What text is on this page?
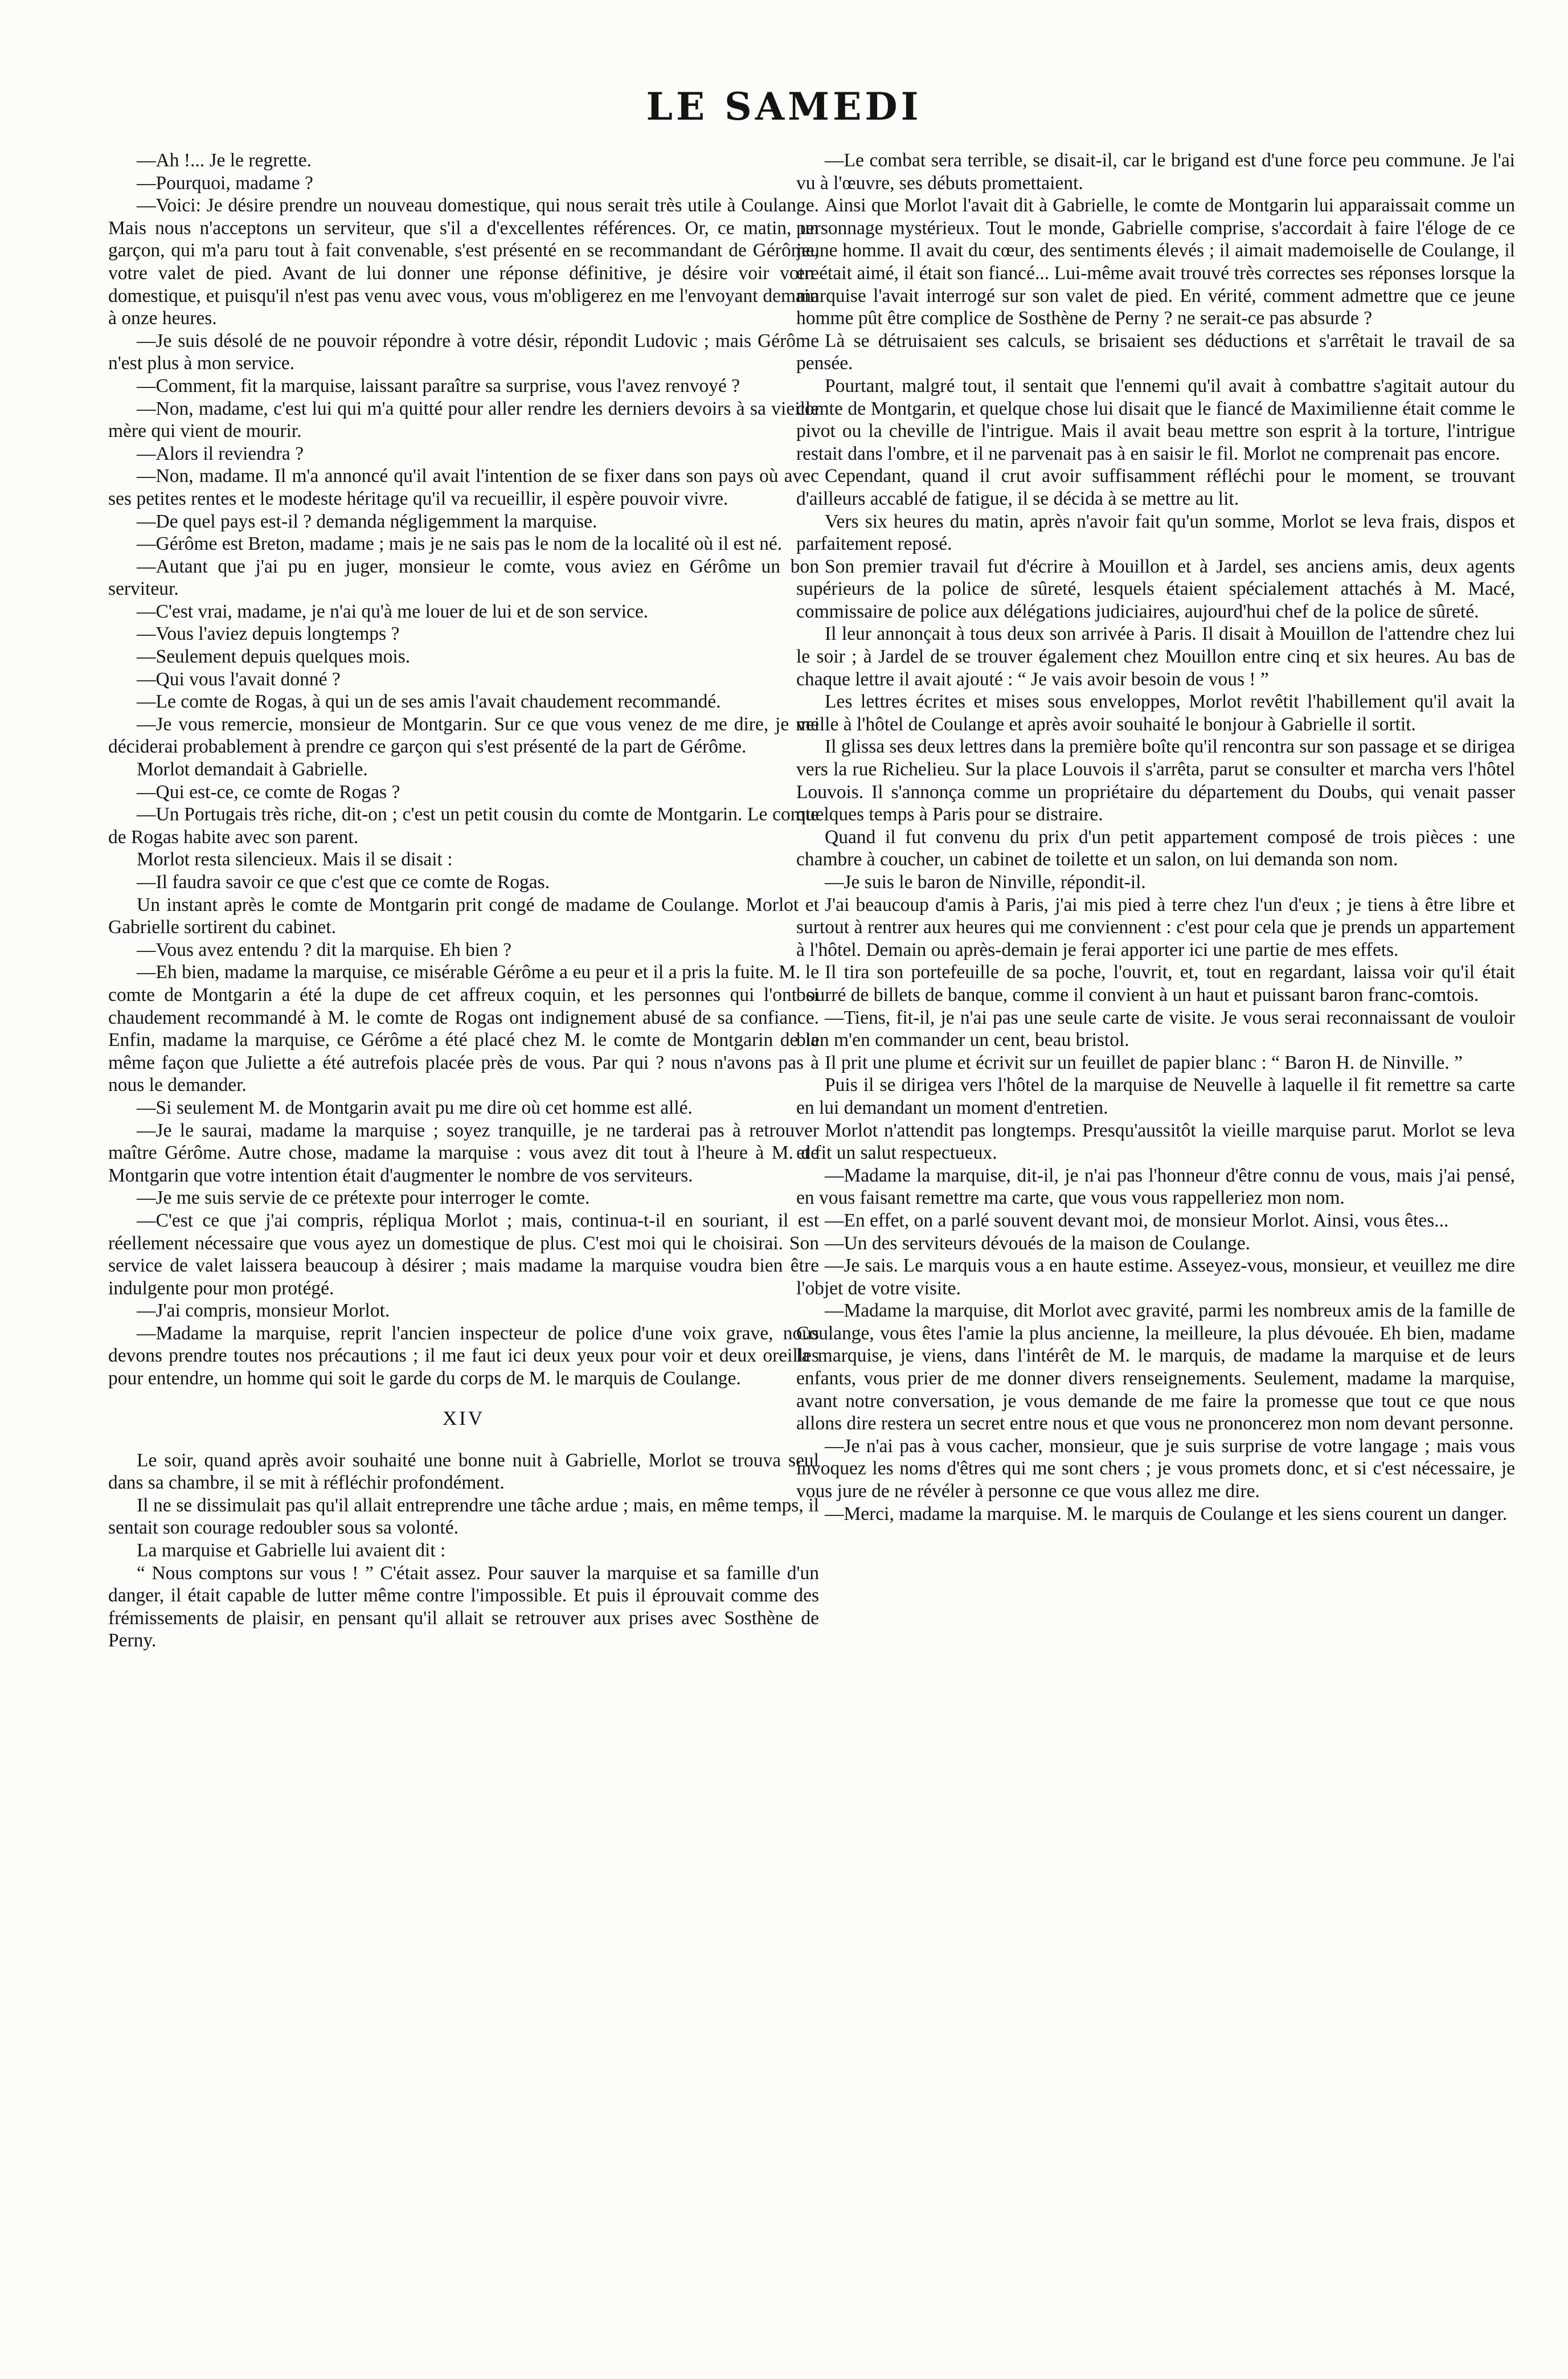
LE SAMEDI

—Ah !... Je le regrette.

—Pourquoi, madame ?

—Voici: Je désire prendre un nouveau domestique, qui nous serait très utile à Coulange. Mais nous n'acceptons un serviteur, que s'il a d'excellentes références. Or, ce matin, un garçon, qui m'a paru tout à fait convenable, s'est présenté en se recommandant de Gérôme, votre valet de pied. Avant de lui donner une réponse définitive, je désire voir votre domestique, et puisqu'il n'est pas venu avec vous, vous m'obligerez en me l'envoyant demain à onze heures.

—Je suis désolé de ne pouvoir répondre à votre désir, répondit Ludovic ; mais Gérôme n'est plus à mon service.

—Comment, fit la marquise, laissant paraître sa surprise, vous l'avez renvoyé ?

—Non, madame, c'est lui qui m'a quitté pour aller rendre les derniers devoirs à sa vieille mère qui vient de mourir.

—Alors il reviendra ?

—Non, madame. Il m'a annoncé qu'il avait l'intention de se fixer dans son pays où avec ses petites rentes et le modeste héritage qu'il va recueillir, il espère pouvoir vivre.

—De quel pays est-il ? demanda négligemment la marquise.

—Gérôme est Breton, madame ; mais je ne sais pas le nom de la localité où il est né.

—Autant que j'ai pu en juger, monsieur le comte, vous aviez en Gérôme un bon serviteur.

—C'est vrai, madame, je n'ai qu'à me louer de lui et de son service.

—Vous l'aviez depuis longtemps ?

—Seulement depuis quelques mois.

—Qui vous l'avait donné ?

—Le comte de Rogas, à qui un de ses amis l'avait chaudement recommandé.

—Je vous remercie, monsieur de Montgarin. Sur ce que vous venez de me dire, je me déciderai probablement à prendre ce garçon qui s'est présenté de la part de Gérôme.

Morlot demandait à Gabrielle.

—Qui est-ce, ce comte de Rogas ?

—Un Portugais très riche, dit-on ; c'est un petit cousin du comte de Montgarin. Le comte de Rogas habite avec son parent.

Morlot resta silencieux. Mais il se disait :

—Il faudra savoir ce que c'est que ce comte de Rogas.

Un instant après le comte de Montgarin prit congé de madame de Coulange. Morlot et Gabrielle sortirent du cabinet.

—Vous avez entendu ? dit la marquise. Eh bien ?

—Eh bien, madame la marquise, ce misérable Gérôme a eu peur et il a pris la fuite. M. le comte de Montgarin a été la dupe de cet affreux coquin, et les personnes qui l'ont si chaudement recommandé à M. le comte de Rogas ont indignement abusé de sa confiance. Enfin, madame la marquise, ce Gérôme a été placé chez M. le comte de Montgarin de la même façon que Juliette a été autrefois placée près de vous. Par qui ? nous n'avons pas à nous le demander.

—Si seulement M. de Montgarin avait pu me dire où cet homme est allé.

—Je le saurai, madame la marquise ; soyez tranquille, je ne tarderai pas à retrouver maître Gérôme. Autre chose, madame la marquise : vous avez dit tout à l'heure à M. de Montgarin que votre intention était d'augmenter le nombre de vos serviteurs.

—Je me suis servie de ce prétexte pour interroger le comte.

—C'est ce que j'ai compris, répliqua Morlot ; mais, continua-t-il en souriant, il est réellement nécessaire que vous ayez un domestique de plus. C'est moi qui le choisirai. Son service de valet laissera beaucoup à désirer ; mais madame la marquise voudra bien être indulgente pour mon protégé.

—J'ai compris, monsieur Morlot.

—Madame la marquise, reprit l'ancien inspecteur de police d'une voix grave, nous devons prendre toutes nos précautions ; il me faut ici deux yeux pour voir et deux oreilles pour entendre, un homme qui soit le garde du corps de M. le marquis de Coulange.

XIV

Le soir, quand après avoir souhaité une bonne nuit à Gabrielle, Morlot se trouva seul dans sa chambre, il se mit à réfléchir profondément.

Il ne se dissimulait pas qu'il allait entreprendre une tâche ardue ; mais, en même temps, il sentait son courage redoubler sous sa volonté.

La marquise et Gabrielle lui avaient dit :

“ Nous comptons sur vous ! ” C'était assez. Pour sauver la marquise et sa famille d'un danger, il était capable de lutter même contre l'impossible. Et puis il éprouvait comme des frémissements de plaisir, en pensant qu'il allait se retrouver aux prises avec Sosthène de Perny.

—Le combat sera terrible, se disait-il, car le brigand est d'une force peu commune. Je l'ai vu à l'œuvre, ses débuts promettaient.

Ainsi que Morlot l'avait dit à Gabrielle, le comte de Montgarin lui apparaissait comme un personnage mystérieux. Tout le monde, Gabrielle comprise, s'accordait à faire l'éloge de ce jeune homme. Il avait du cœur, des sentiments élevés ; il aimait mademoiselle de Coulange, il en était aimé, il était son fiancé... Lui-même avait trouvé très correctes ses réponses lorsque la marquise l'avait interrogé sur son valet de pied. En vérité, comment admettre que ce jeune homme pût être complice de Sosthène de Perny ? ne serait-ce pas absurde ?

Là se détruisaient ses calculs, se brisaient ses déductions et s'arrêtait le travail de sa pensée.

Pourtant, malgré tout, il sentait que l'ennemi qu'il avait à combattre s'agitait autour du comte de Montgarin, et quelque chose lui disait que le fiancé de Maximilienne était comme le pivot ou la cheville de l'intrigue. Mais il avait beau mettre son esprit à la torture, l'intrigue restait dans l'ombre, et il ne parvenait pas à en saisir le fil. Morlot ne comprenait pas encore.

Cependant, quand il crut avoir suffisamment réfléchi pour le moment, se trouvant d'ailleurs accablé de fatigue, il se décida à se mettre au lit.

Vers six heures du matin, après n'avoir fait qu'un somme, Morlot se leva frais, dispos et parfaitement reposé.

Son premier travail fut d'écrire à Mouillon et à Jardel, ses anciens amis, deux agents supérieurs de la police de sûreté, lesquels étaient spécialement attachés à M. Macé, commissaire de police aux délégations judiciaires, aujourd'hui chef de la police de sûreté.

Il leur annonçait à tous deux son arrivée à Paris. Il disait à Mouillon de l'attendre chez lui le soir ; à Jardel de se trouver également chez Mouillon entre cinq et six heures. Au bas de chaque lettre il avait ajouté : “ Je vais avoir besoin de vous ! ”

Les lettres écrites et mises sous enveloppes, Morlot revêtit l'habillement qu'il avait la veille à l'hôtel de Coulange et après avoir souhaité le bonjour à Gabrielle il sortit.

Il glissa ses deux lettres dans la première boîte qu'il rencontra sur son passage et se dirigea vers la rue Richelieu. Sur la place Louvois il s'arrêta, parut se consulter et marcha vers l'hôtel Louvois. Il s'annonça comme un propriétaire du département du Doubs, qui venait passer quelques temps à Paris pour se distraire.

Quand il fut convenu du prix d'un petit appartement composé de trois pièces : une chambre à coucher, un cabinet de toilette et un salon, on lui demanda son nom.

—Je suis le baron de Ninville, répondit-il.

J'ai beaucoup d'amis à Paris, j'ai mis pied à terre chez l'un d'eux ; je tiens à être libre et surtout à rentrer aux heures qui me conviennent : c'est pour cela que je prends un appartement à l'hôtel. Demain ou après-demain je ferai apporter ici une partie de mes effets.

Il tira son portefeuille de sa poche, l'ouvrit, et, tout en regardant, laissa voir qu'il était bourré de billets de banque, comme il convient à un haut et puissant baron franc-comtois.

—Tiens, fit-il, je n'ai pas une seule carte de visite. Je vous serai reconnaissant de vouloir bien m'en commander un cent, beau bristol.

Il prit une plume et écrivit sur un feuillet de papier blanc : “ Baron H. de Ninville. ”

Puis il se dirigea vers l'hôtel de la marquise de Neuvelle à laquelle il fit remettre sa carte en lui demandant un moment d'entretien.

Morlot n'attendit pas longtemps. Presqu'aussitôt la vieille marquise parut. Morlot se leva et fit un salut respectueux.

—Madame la marquise, dit-il, je n'ai pas l'honneur d'être connu de vous, mais j'ai pensé, en vous faisant remettre ma carte, que vous vous rappelleriez mon nom.

—En effet, on a parlé souvent devant moi, de monsieur Morlot. Ainsi, vous êtes...

—Un des serviteurs dévoués de la maison de Coulange.

—Je sais. Le marquis vous a en haute estime. Asseyez-vous, monsieur, et veuillez me dire l'objet de votre visite.

—Madame la marquise, dit Morlot avec gravité, parmi les nombreux amis de la famille de Coulange, vous êtes l'amie la plus ancienne, la meilleure, la plus dévouée. Eh bien, madame la marquise, je viens, dans l'intérêt de M. le marquis, de madame la marquise et de leurs enfants, vous prier de me donner divers renseignements. Seulement, madame la marquise, avant notre conversation, je vous demande de me faire la promesse que tout ce que nous allons dire restera un secret entre nous et que vous ne prononcerez mon nom devant personne.

—Je n'ai pas à vous cacher, monsieur, que je suis surprise de votre langage ; mais vous invoquez les noms d'êtres qui me sont chers ; je vous promets donc, et si c'est nécessaire, je vous jure de ne révéler à personne ce que vous allez me dire.

—Merci, madame la marquise. M. le marquis de Coulange et les siens courent un danger.
